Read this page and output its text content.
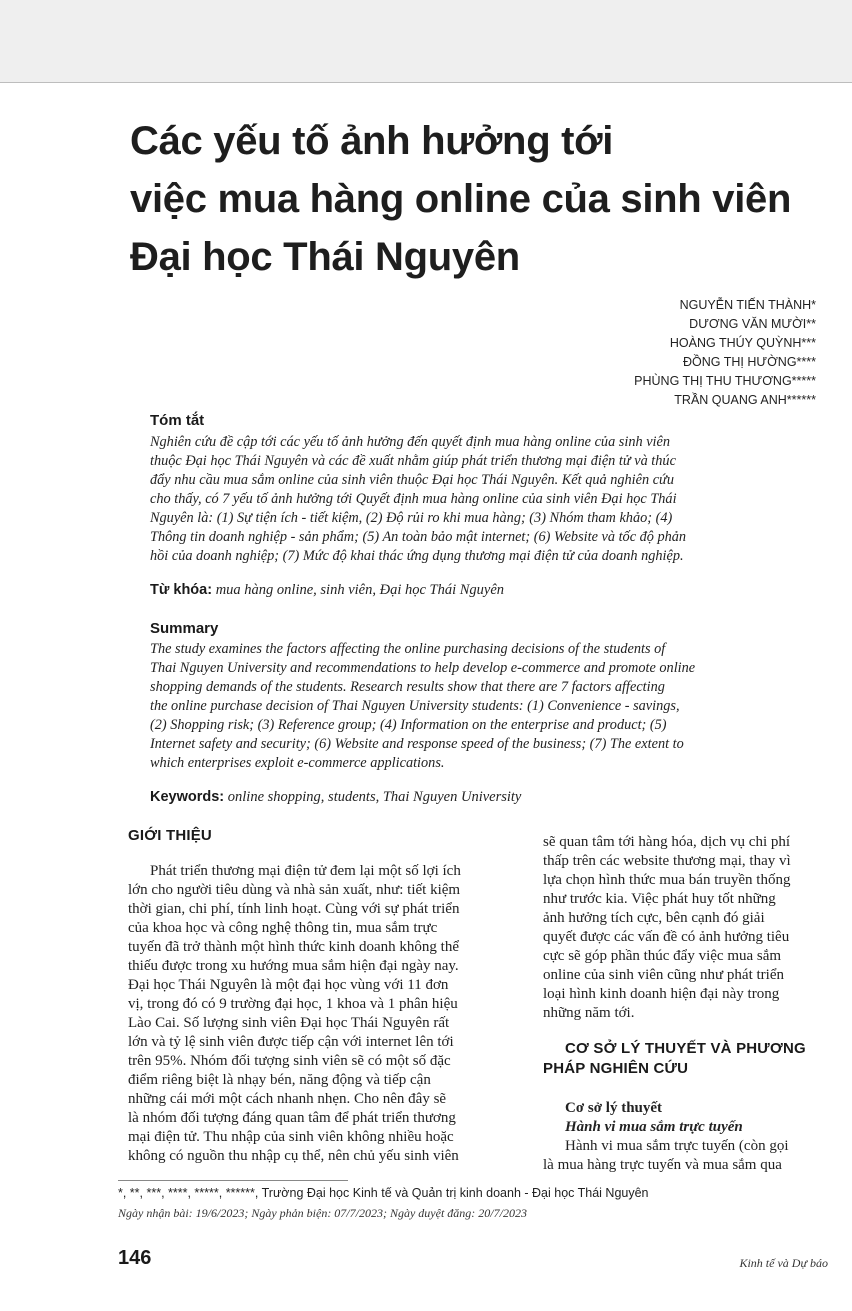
Các yếu tố ảnh hưởng tới
việc mua hàng online của sinh viên
Đại học Thái Nguyên
NGUYỄN TIẾN THÀNH*
DƯƠNG VĂN MƯỜI**
HOÀNG THÚY QUỲNH***
ĐỒNG THỊ HƯỜNG****
PHÙNG THỊ THU THƯƠNG*****
TRẦN QUANG ANH******
Tóm tắt
Nghiên cứu đề cập tới các yếu tố ảnh hưởng đến quyết định mua hàng online của sinh viên
thuộc Đại học Thái Nguyên và các đề xuất nhằm giúp phát triển thương mại điện tử và thúc
đẩy nhu cầu mua sắm online của sinh viên thuộc Đại học Thái Nguyên. Kết quả nghiên cứu
cho thấy, có 7 yếu tố ảnh hưởng tới Quyết định mua hàng online của sinh viên Đại học Thái
Nguyên là: (1) Sự tiện ích - tiết kiệm, (2) Độ rủi ro khi mua hàng; (3) Nhóm tham khảo; (4)
Thông tin doanh nghiệp - sản phẩm; (5) An toàn bảo mật internet; (6) Website và tốc độ phản
hồi của doanh nghiệp; (7) Mức độ khai thác ứng dụng thương mại điện tử của doanh nghiệp.
Từ khóa: mua hàng online, sinh viên, Đại học Thái Nguyên
Summary
The study examines the factors affecting the online purchasing decisions of the students of
Thai Nguyen University and recommendations to help develop e-commerce and promote online
shopping demands of the students. Research results show that there are 7 factors affecting
the online purchase decision of Thai Nguyen University students: (1) Convenience - savings,
(2) Shopping risk; (3) Reference group; (4) Information on the enterprise and product; (5)
Internet safety and security; (6) Website and response speed of the business; (7) The extent to
which enterprises exploit e-commerce applications.
Keywords: online shopping, students, Thai Nguyen University
GIỚI THIỆU
Phát triển thương mại điện tử đem lại một số lợi ích
lớn cho người tiêu dùng và nhà sản xuất, như: tiết kiệm
thời gian, chi phí, tính linh hoạt. Cùng với sự phát triển
của khoa học và công nghệ thông tin, mua sắm trực
tuyến đã trở thành một hình thức kinh doanh không thể
thiếu được trong xu hướng mua sắm hiện đại ngày nay.
Đại học Thái Nguyên là một đại học vùng với 11 đơn
vị, trong đó có 9 trường đại học, 1 khoa và 1 phân hiệu
Lào Cai. Số lượng sinh viên Đại học Thái Nguyên rất
lớn và tỷ lệ sinh viên được tiếp cận với internet lên tới
trên 95%. Nhóm đối tượng sinh viên sẽ có một số đặc
điểm riêng biệt là nhạy bén, năng động và tiếp cận
những cái mới một cách nhanh nhẹn. Cho nên đây sẽ
là nhóm đối tượng đáng quan tâm để phát triển thương
mại điện tử. Thu nhập của sinh viên không nhiều hoặc
không có nguồn thu nhập cụ thể, nên chủ yếu sinh viên
sẽ quan tâm tới hàng hóa, dịch vụ chi phí
thấp trên các website thương mại, thay vì
lựa chọn hình thức mua bán truyền thống
như trước kia. Việc phát huy tốt những
ảnh hưởng tích cực, bên cạnh đó giải
quyết được các vấn đề có ảnh hưởng tiêu
cực sẽ góp phần thúc đẩy việc mua sắm
online của sinh viên cũng như phát triển
loại hình kinh doanh hiện đại này trong
những năm tới.
CƠ SỞ LÝ THUYẾT VÀ PHƯƠNG
PHÁP NGHIÊN CỨU
Cơ sở lý thuyết
Hành vi mua sắm trực tuyến
Hành vi mua sắm trực tuyến (còn gọi
là mua hàng trực tuyến và mua sắm qua
*, **, ***, ****, *****, ******, Trường Đại học Kinh tế và Quản trị kinh doanh - Đại học Thái Nguyên
Ngày nhận bài: 19/6/2023; Ngày phản biện: 07/7/2023; Ngày duyệt đăng: 20/7/2023
146	Kinh tế và Dự báo
